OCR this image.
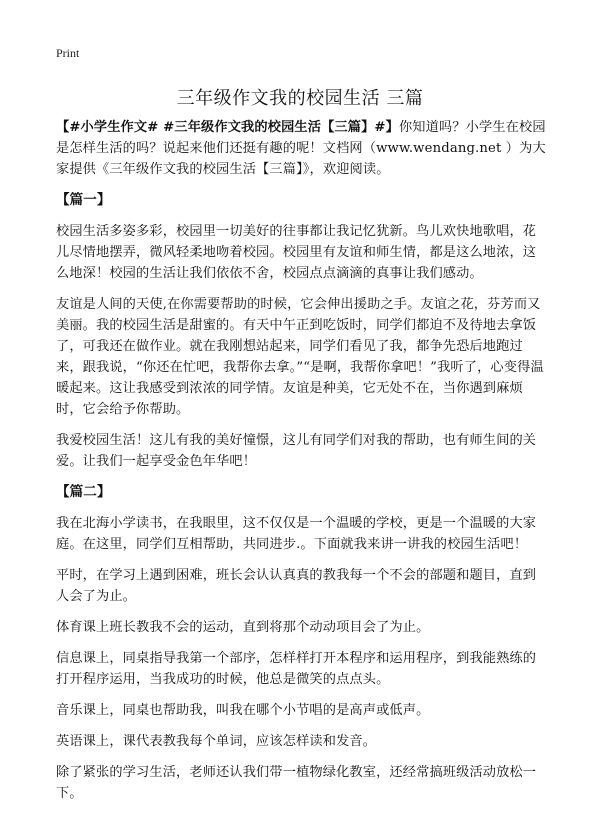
Print
三年级作文我的校园生活 三篇

【#小学生作文# #三年级作文我的校园生活【三篇】#】你知道吗？小学生在校园是怎样生活的吗？说起来他们还挺有趣的呢！文档网（www.wendang.net ）为大家提供《三年级作文我的校园生活【三篇】》，欢迎阅读。

【篇一】

校园生活多姿多彩，校园里一切美好的往事都让我记忆犹新。鸟儿欢快地歌唱，花儿尽情地摆弄，微风轻柔地吻着校园。校园里有友谊和师生情，都是这么地浓，这么地深！校园的生活让我们依依不舍，校园点点滴滴的真事让我们感动。

友谊是人间的天使,在你需要帮助的时候，它会伸出援助之手。友谊之花，芬芳而又美丽。我的校园生活是甜蜜的。有天中午正到吃饭时，同学们都迫不及待地去拿饭了，可我还在做作业。就在我刚想站起来，同学们看见了我，都争先恐后地跑过来，跟我说，“你还在忙吧，我帮你去拿。”“是啊，我帮你拿吧！”我听了，心变得温暖起来。这让我感受到浓浓的同学情。友谊是种美，它无处不在，当你遇到麻烦时，它会给予你帮助。

我爱校园生活！这儿有我的美好憧憬，这儿有同学们对我的帮助，也有师生间的关爱。让我们一起享受金色年华吧！

【篇二】

我在北海小学读书，在我眼里，这不仅仅是一个温暖的学校，更是一个温暖的大家庭。在这里，同学们互相帮助，共同进步.。下面就我来讲一讲我的校园生活吧！

平时，在学习上遇到困难，班长会认认真真的教我每一个不会的部题和题目，直到人会了为止。

体育课上班长教我不会的运动，直到将那个动动项目会了为止。

信息课上，同桌指导我第一个部序，怎样样打开本程序和运用程序，到我能熟练的打开程序运用，当我成功的时候，他总是微笑的点点头。

音乐课上，同桌也帮助我，叫我在哪个小节唱的是高声或低声。

英语课上，课代表教我每个单词，应该怎样读和发音。

除了紧张的学习生活，老师还认我们带一植物绿化教室，还经常搞班级活动放松一下。
